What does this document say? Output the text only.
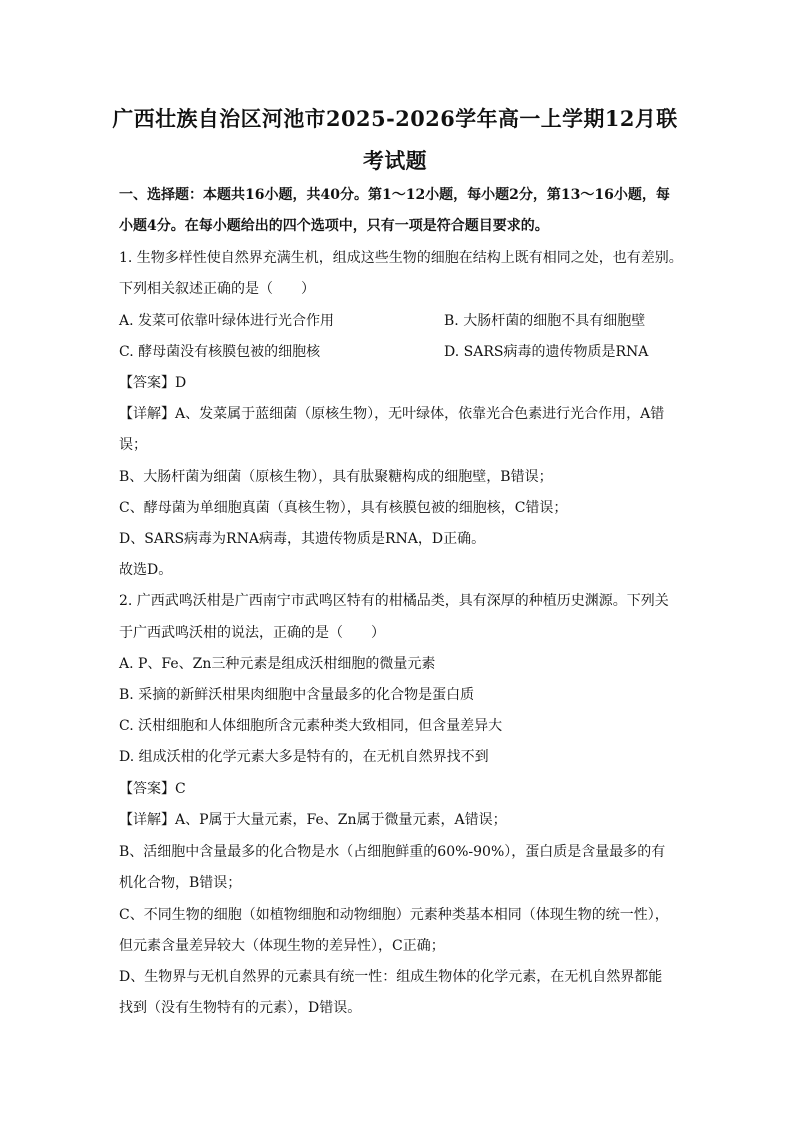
广西壮族自治区河池市2025-2026学年高一上学期12月联
考试题
一、选择题：本题共16小题，共40分。第1～12小题，每小题2分，第13～16小题，每
小题4分。在每小题给出的四个选项中，只有一项是符合题目要求的。
1. 生物多样性使自然界充满生机，组成这些生物的细胞在结构上既有相同之处，也有差别。
下列相关叙述正确的是（　　）
A. 发菜可依靠叶绿体进行光合作用	B. 大肠杆菌的细胞不具有细胞壁
C. 酵母菌没有核膜包被的细胞核	D. SARS病毒的遗传物质是RNA
【答案】D
【详解】A、发菜属于蓝细菌（原核生物），无叶绿体，依靠光合色素进行光合作用，A错
误；
B、大肠杆菌为细菌（原核生物），具有肽聚糖构成的细胞壁，B错误；
C、酵母菌为单细胞真菌（真核生物），具有核膜包被的细胞核，C错误；
D、SARS病毒为RNA病毒，其遗传物质是RNA，D正确。
故选D。
2. 广西武鸣沃柑是广西南宁市武鸣区特有的柑橘品类，具有深厚的种植历史渊源。下列关
于广西武鸣沃柑的说法，正确的是（　　）
A. P、Fe、Zn三种元素是组成沃柑细胞的微量元素
B. 采摘的新鲜沃柑果肉细胞中含量最多的化合物是蛋白质
C. 沃柑细胞和人体细胞所含元素种类大致相同，但含量差异大
D. 组成沃柑的化学元素大多是特有的，在无机自然界找不到
【答案】C
【详解】A、P属于大量元素，Fe、Zn属于微量元素，A错误；
B、活细胞中含量最多的化合物是水（占细胞鲜重的60%-90%），蛋白质是含量最多的有
机化合物，B错误；
C、不同生物的细胞（如植物细胞和动物细胞）元素种类基本相同（体现生物的统一性），
但元素含量差异较大（体现生物的差异性），C正确；
D、生物界与无机自然界的元素具有统一性：组成生物体的化学元素，在无机自然界都能
找到（没有生物特有的元素），D错误。
